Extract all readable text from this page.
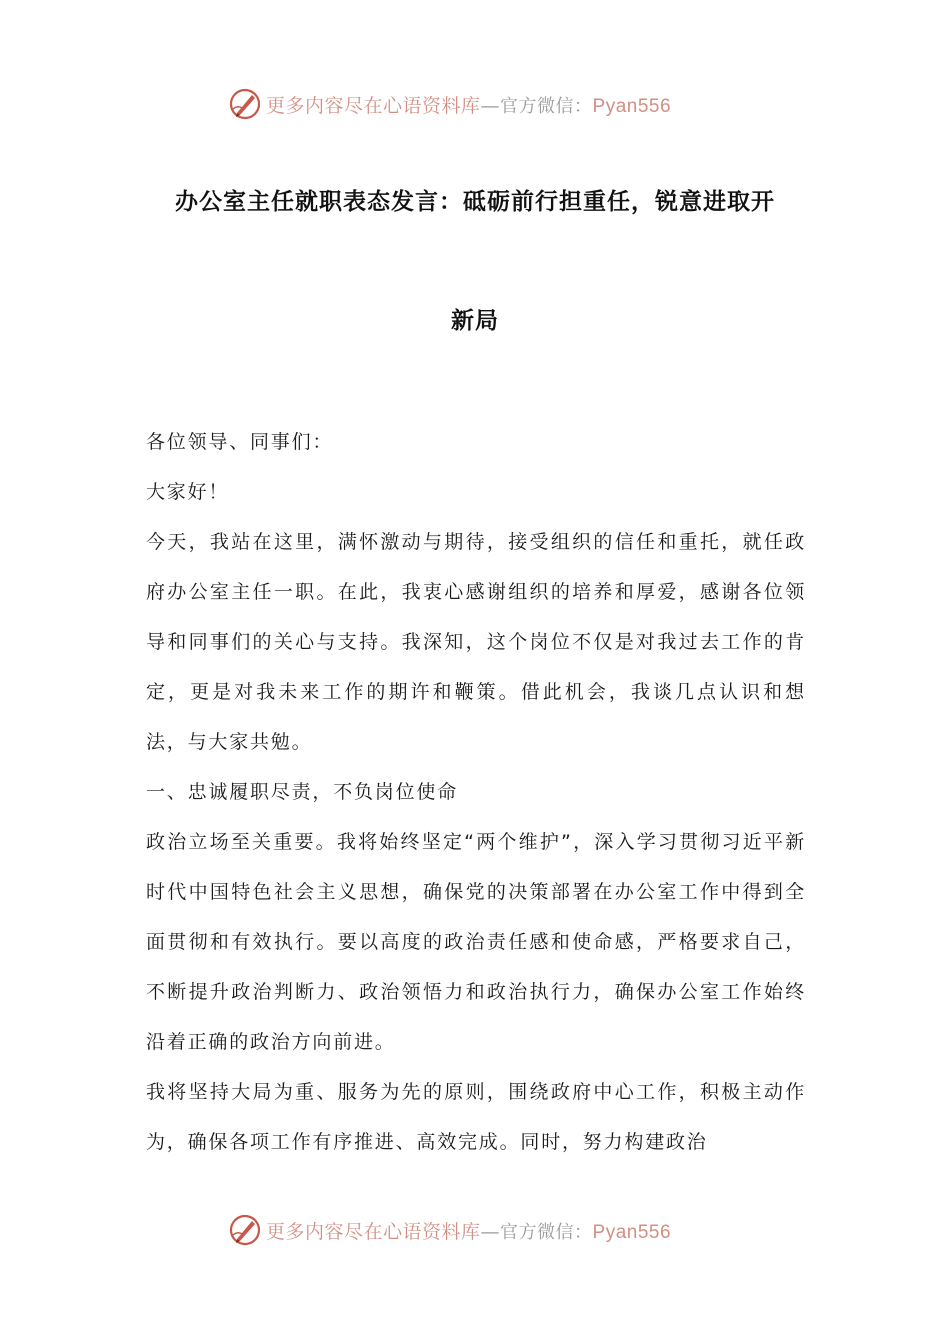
更多内容尽在心语资料库—官方微信：Pyan556
办公室主任就职表态发言：砥砺前行担重任，锐意进取开
新局

各位领导、同事们：

大家好！

今天，我站在这里，满怀激动与期待，接受组织的信任和重托，就任政府办公室主任一职。在此，我衷心感谢组织的培养和厚爱，感谢各位领导和同事们的关心与支持。我深知，这个岗位不仅是对我过去工作的肯定，更是对我未来工作的期许和鞭策。借此机会，我谈几点认识和想法，与大家共勉。

一、忠诚履职尽责，不负岗位使命

政治立场至关重要。我将始终坚定“两个维护”，深入学习贯彻习近平新时代中国特色社会主义思想，确保党的决策部署在办公室工作中得到全面贯彻和有效执行。要以高度的政治责任感和使命感，严格要求自己，不断提升政治判断力、政治领悟力和政治执行力，确保办公室工作始终沿着正确的政治方向前进。

我将坚持大局为重、服务为先的原则，围绕政府中心工作，积极主动作为，确保各项工作有序推进、高效完成。同时，努力构建政治

更多内容尽在心语资料库—官方微信：Pyan556
